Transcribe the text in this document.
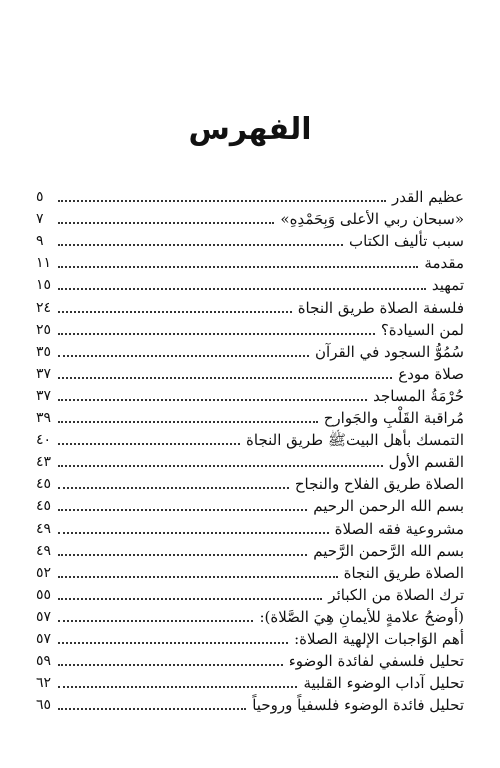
الفهرس
عظيم القدر
٥
«سبحان ربي الأعلى وَبِحَمْدِهِ»
٧
سبب تأليف الكتاب
٩
مقدمة
١١
تمهيد
١٥
فلسفة الصلاة طريق النجاة
٢٤
لمن السيادة؟
٢٥
سُمُوُّ السجود في القرآن
٣٥
صلاة مودع
٣٧
حُرْمَةُ المساجد
٣٧
مُراقبة القَلْبِ والجَوارح
٣٩
التمسك بأهل البيتﷺ طريق النجاة
٤٠
القسم الأول
٤٣
الصلاة طريق الفلاح والنجاح
٤٥
بسم الله الرحمن الرحيم
٤٥
مشروعية فقه الصلاة
٤٩
بسم الله الرَّحمن الرَّحيم
٤٩
الصلاة طريق النجاة
٥٢
ترك الصلاة من الكبائر
٥٥
(أوضحُ علامةٍ للأيمانِ هِيَ الصَّلاة):
٥٧
أهم الوَاجبات الإلهية الصلاة:
٥٧
تحليل فلسفي لفائدة الوضوء
٥٩
تحليل آداب الوضوء القلبية
٦٢
تحليل فائدة الوضوء فلسفياً وروحياً
٦٥
